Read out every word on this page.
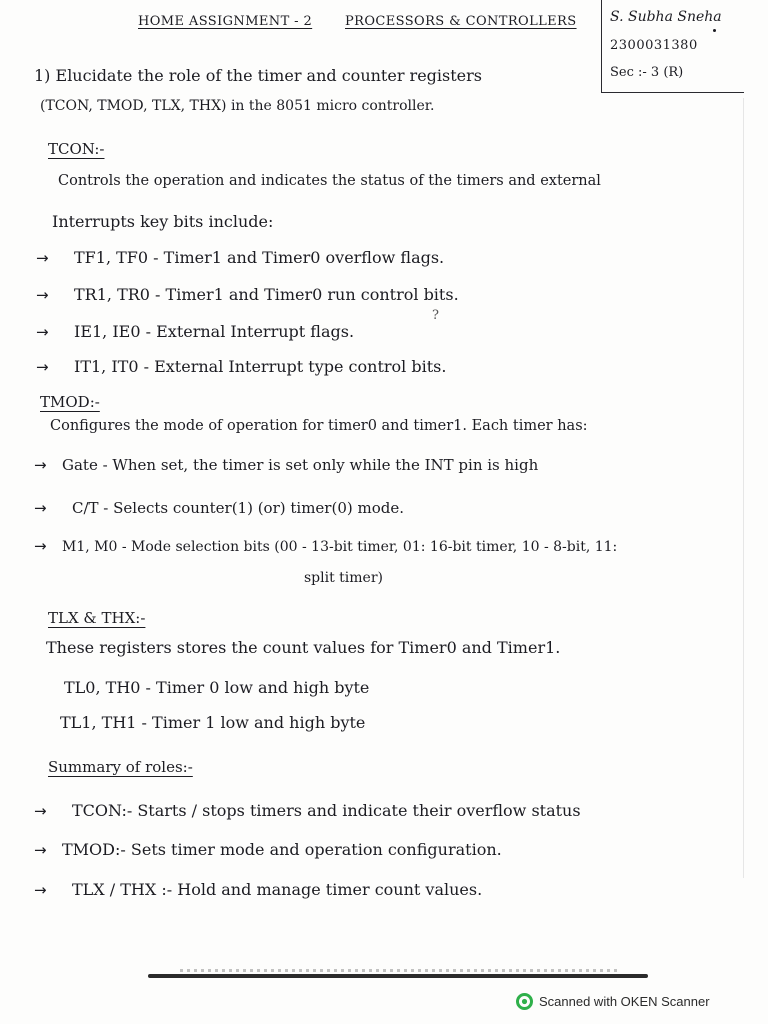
HOME ASSIGNMENT - 2	PROCESSORS & CONTROLLERS S. Subha Sneha
2300031380
Sec :- 3 (R)
1) Elucidate the role of the timer and counter registers
(TCON, TMOD, TLX, THX) in the 8051 micro controller.
TCON:-
Controls the operation and indicates the status of the timers and external
Interrupts key bits include:
→ TF1, TF0 - Timer1 and Timer0 overflow flags.
→ TR1, TR0 - Timer1 and Timer0 run control bits.
?
→ IE1, IE0 - External Interrupt flags.
→ IT1, IT0 - External Interrupt type control bits.
TMOD:-
Configures the mode of operation for timer0 and timer1. Each timer has:
→ Gate - When set, the timer is set only while the INT pin is high
→ C/T - Selects counter(1) (or) timer(0) mode.
→ M1, M0 - Mode selection bits (00 - 13-bit timer, 01: 16-bit timer, 10 - 8-bit, 11:
split timer)
TLX & THX:-
These registers stores the count values for Timer0 and Timer1.
TL0, TH0 - Timer 0 low and high byte
TL1, TH1 - Timer 1 low and high byte
Summary of roles:-
→ TCON:- Starts / stops timers and indicate their overflow status
→ TMOD:- Sets timer mode and operation configuration.
→ TLX / THX :- Hold and manage timer count values.
Scanned with OKEN Scanner
